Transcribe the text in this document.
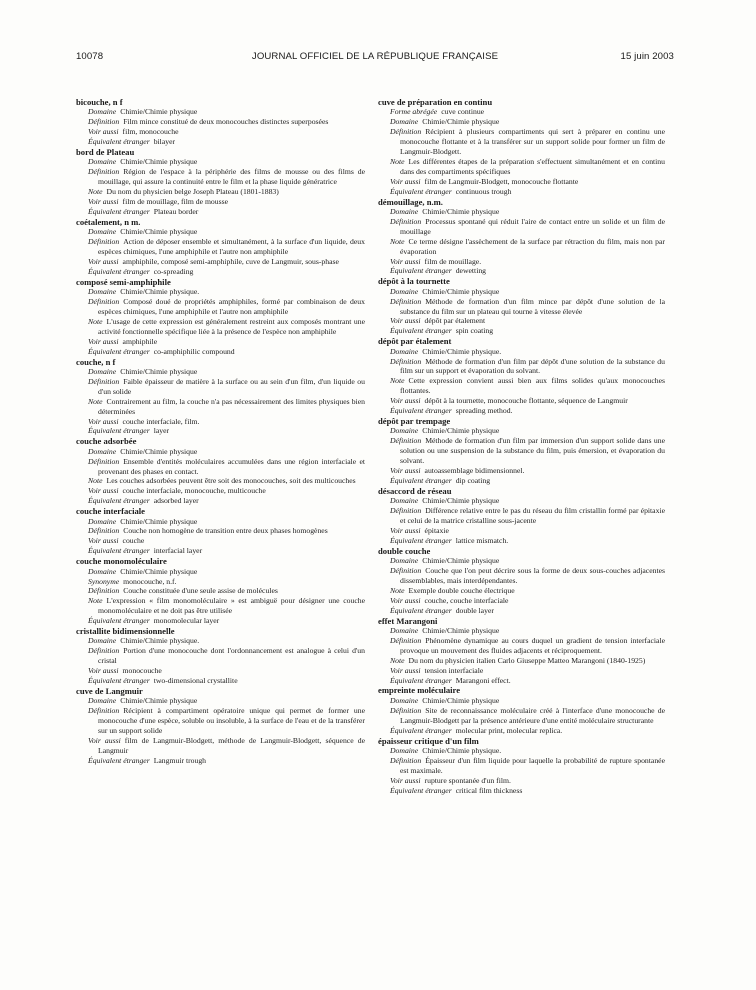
10078	JOURNAL OFFICIEL DE LA RÉPUBLIQUE FRANÇAISE	15 juin 2003
bicouche, n f
Domaine Chimie/Chimie physique
Définition Film mince constitué de deux monocouches distinctes superposées
Voir aussi film, monocouche
Équivalent étranger bilayer
bord de Plateau
Domaine Chimie/Chimie physique
Définition Région de l'espace à la périphérie des films de mousse ou des films de mouillage, qui assure la continuité entre le film et la phase liquide génératrice
Note Du nom du physicien belge Joseph Plateau (1801-1883)
Voir aussi film de mouillage, film de mousse
Équivalent étranger Plateau border
coétalement, n m.
Domaine Chimie/Chimie physique
Définition Action de déposer ensemble et simultanément, à la surface d'un liquide, deux espèces chimiques, l'une amphiphile et l'autre non amphiphile
Voir aussi amphiphile, composé semi-amphiphile, cuve de Langmuir, sous-phase
Équivalent étranger co-spreading
composé semi-amphiphile
Domaine Chimie/Chimie physique.
Définition Composé doué de propriétés amphiphiles, formé par combinaison de deux espèces chimiques, l'une amphiphile et l'autre non amphiphile
Note L'usage de cette expression est généralement restreint aux composés montrant une activité fonctionnelle spécifique liée à la présence de l'espèce non amphiphile
Voir aussi amphiphile
Équivalent étranger co-amphiphilic compound
couche, n f
Domaine Chimie/Chimie physique
Définition Faible épaisseur de matière à la surface ou au sein d'un film, d'un liquide ou d'un solide
Note Contrairement au film, la couche n'a pas nécessairement des limites physiques bien déterminées
Voir aussi couche interfaciale, film.
Équivalent étranger layer
couche adsorbée
Domaine Chimie/Chimie physique
Définition Ensemble d'entités moléculaires accumulées dans une région interfaciale et provenant des phases en contact.
Note Les couches adsorbées peuvent être soit des monocouches, soit des multicouches
Voir aussi couche interfaciale, monocouche, multicouche
Équivalent étranger adsorbed layer
couche interfaciale
Domaine Chimie/Chimie physique
Définition Couche non homogène de transition entre deux phases homogènes
Voir aussi couche
Équivalent étranger interfacial layer
couche monomoléculaire
Domaine Chimie/Chimie physique
Synonyme monocouche, n.f.
Définition Couche constituée d'une seule assise de molécules
Note L'expression « film monomoléculaire » est ambiguë pour désigner une couche monomoléculaire et ne doit pas être utilisée
Équivalent étranger monomolecular layer
cristallite bidimensionnelle
Domaine Chimie/Chimie physique.
Définition Portion d'une monocouche dont l'ordonnancement est analogue à celui d'un cristal
Voir aussi monocouche
Équivalent étranger two-dimensional crystallite
cuve de Langmuir
Domaine Chimie/Chimie physique
Définition Récipient à compartiment opératoire unique qui permet de former une monocouche d'une espèce, soluble ou insoluble, à la surface de l'eau et de la transférer sur un support solide
Voir aussi film de Langmuir-Blodgett, méthode de Langmuir-Blodgett, séquence de Langmuir
Équivalent étranger Langmuir trough
cuve de préparation en continu
Forme abrégée cuve continue
Domaine Chimie/Chimie physique
Définition Récipient à plusieurs compartiments qui sert à préparer en continu une monocouche flottante et à la transférer sur un support solide pour former un film de Langmuir-Blodgett.
Note Les différentes étapes de la préparation s'effectuent simultanément et en continu dans des compartiments spécifiques
Voir aussi film de Langmuir-Blodgett, monocouche flottante
Équivalent étranger continuous trough
démouillage, n.m.
Domaine Chimie/Chimie physique
Définition Processus spontané qui réduit l'aire de contact entre un solide et un film de mouillage
Note Ce terme désigne l'assèchement de la surface par rétraction du film, mais non par évaporation
Voir aussi film de mouillage.
Équivalent étranger dewetting
dépôt à la tournette
Domaine Chimie/Chimie physique
Définition Méthode de formation d'un film mince par dépôt d'une solution de la substance du film sur un plateau qui tourne à vitesse élevée
Voir aussi dépôt par étalement
Équivalent étranger spin coating
dépôt par étalement
Domaine Chimie/Chimie physique.
Définition Méthode de formation d'un film par dépôt d'une solution de la substance du film sur un support et évaporation du solvant.
Note Cette expression convient aussi bien aux films solides qu'aux monocouches flottantes.
Voir aussi dépôt à la tournette, monocouche flottante, séquence de Langmuir
Équivalent étranger spreading method.
dépôt par trempage
Domaine Chimie/Chimie physique
Définition Méthode de formation d'un film par immersion d'un support solide dans une solution ou une suspension de la substance du film, puis émersion, et évaporation du solvant.
Voir aussi autoassemblage bidimensionnel.
Équivalent étranger dip coating
désaccord de réseau
Domaine Chimie/Chimie physique
Définition Différence relative entre le pas du réseau du film cristallin formé par épitaxie et celui de la matrice cristalline sous-jacente
Voir aussi épitaxie
Équivalent étranger lattice mismatch.
double couche
Domaine Chimie/Chimie physique
Définition Couche que l'on peut décrire sous la forme de deux sous-couches adjacentes dissemblables, mais interdépendantes.
Note Exemple double couche électrique
Voir aussi couche, couche interfaciale
Équivalent étranger double layer
effet Marangoni
Domaine Chimie/Chimie physique
Définition Phénomène dynamique au cours duquel un gradient de tension interfaciale provoque un mouvement des fluides adjacents et réciproquement.
Note Du nom du physicien italien Carlo Giuseppe Matteo Marangoni (1840-1925)
Voir aussi tension interfaciale
Équivalent étranger Marangoni effect.
empreinte moléculaire
Domaine Chimie/Chimie physique
Définition Site de reconnaissance moléculaire créé à l'interface d'une monocouche de Langmuir-Blodgett par la présence antérieure d'une entité moléculaire structurante
Équivalent étranger molecular print, molecular replica.
épaisseur critique d'un film
Domaine Chimie/Chimie physique.
Définition Épaisseur d'un film liquide pour laquelle la probabilité de rupture spontanée est maximale.
Voir aussi rupture spontanée d'un film.
Équivalent étranger critical film thickness
